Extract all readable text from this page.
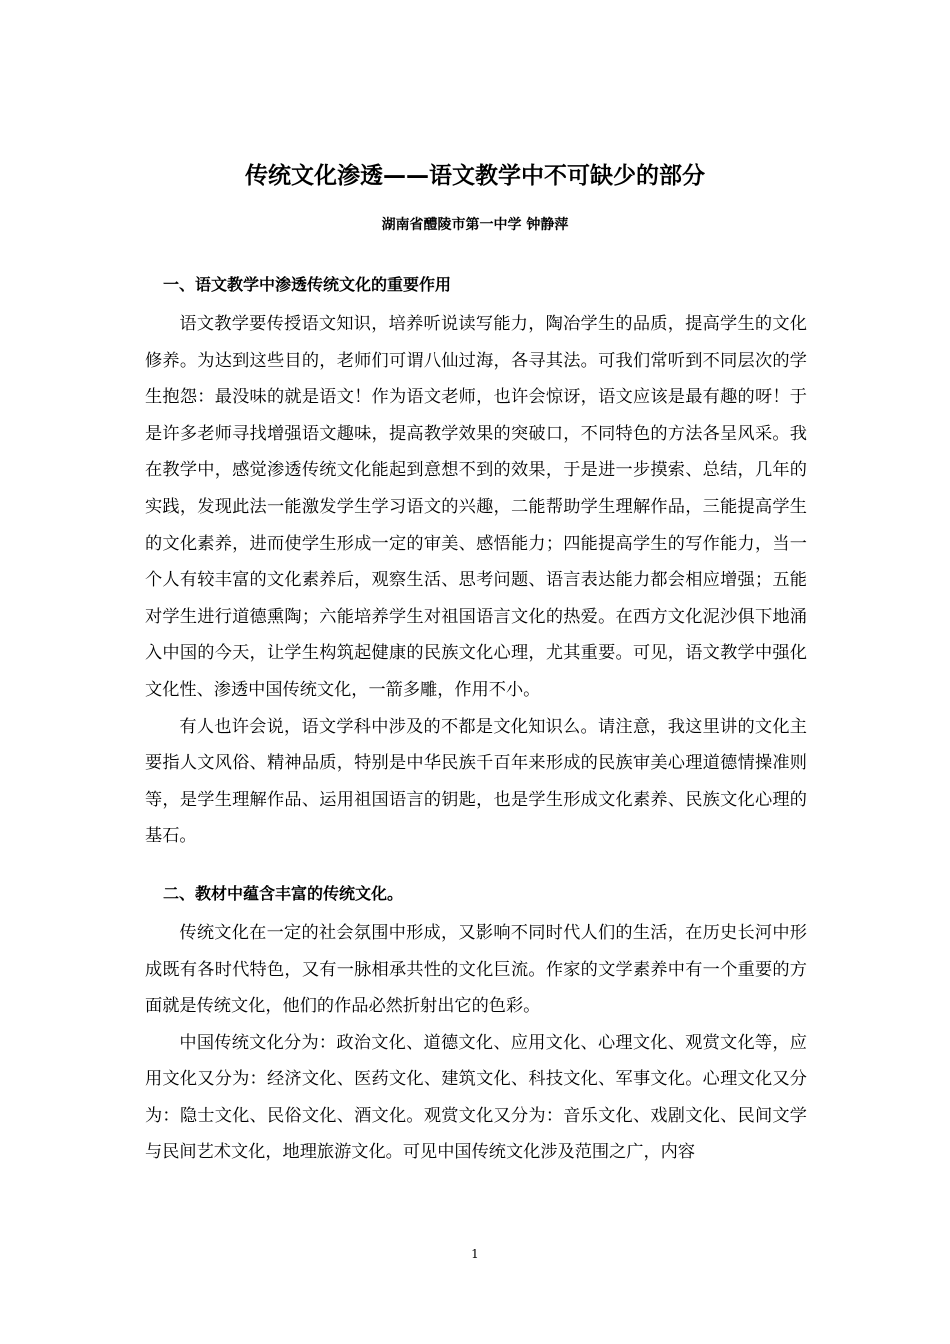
传统文化渗透——语文教学中不可缺少的部分
湖南省醴陵市第一中学 钟静萍
一、语文教学中渗透传统文化的重要作用

语文教学要传授语文知识，培养听说读写能力，陶冶学生的品质，提高学生的文化修养。为达到这些目的，老师们可谓八仙过海，各寻其法。可我们常听到不同层次的学生抱怨：最没味的就是语文！作为语文老师，也许会惊讶，语文应该是最有趣的呀！于是许多老师寻找增强语文趣味，提高教学效果的突破口，不同特色的方法各呈风采。我在教学中，感觉渗透传统文化能起到意想不到的效果，于是进一步摸索、总结，几年的实践，发现此法一能激发学生学习语文的兴趣，二能帮助学生理解作品，三能提高学生的文化素养，进而使学生形成一定的审美、感悟能力；四能提高学生的写作能力，当一个人有较丰富的文化素养后，观察生活、思考问题、语言表达能力都会相应增强；五能对学生进行道德熏陶；六能培养学生对祖国语言文化的热爱。在西方文化泥沙俱下地涌入中国的今天，让学生构筑起健康的民族文化心理，尤其重要。可见，语文教学中强化文化性、渗透中国传统文化，一箭多雕，作用不小。

有人也许会说，语文学科中涉及的不都是文化知识么。请注意，我这里讲的文化主要指人文风俗、精神品质，特别是中华民族千百年来形成的民族审美心理道德情操准则等，是学生理解作品、运用祖国语言的钥匙，也是学生形成文化素养、民族文化心理的基石。

二、教材中蕴含丰富的传统文化。

传统文化在一定的社会氛围中形成，又影响不同时代人们的生活，在历史长河中形成既有各时代特色，又有一脉相承共性的文化巨流。作家的文学素养中有一个重要的方面就是传统文化，他们的作品必然折射出它的色彩。

中国传统文化分为：政治文化、道德文化、应用文化、心理文化、观赏文化等，应用文化又分为：经济文化、医药文化、建筑文化、科技文化、军事文化。心理文化又分为：隐士文化、民俗文化、酒文化。观赏文化又分为：音乐文化、戏剧文化、民间文学与民间艺术文化，地理旅游文化。可见中国传统文化涉及范围之广，内容

1
